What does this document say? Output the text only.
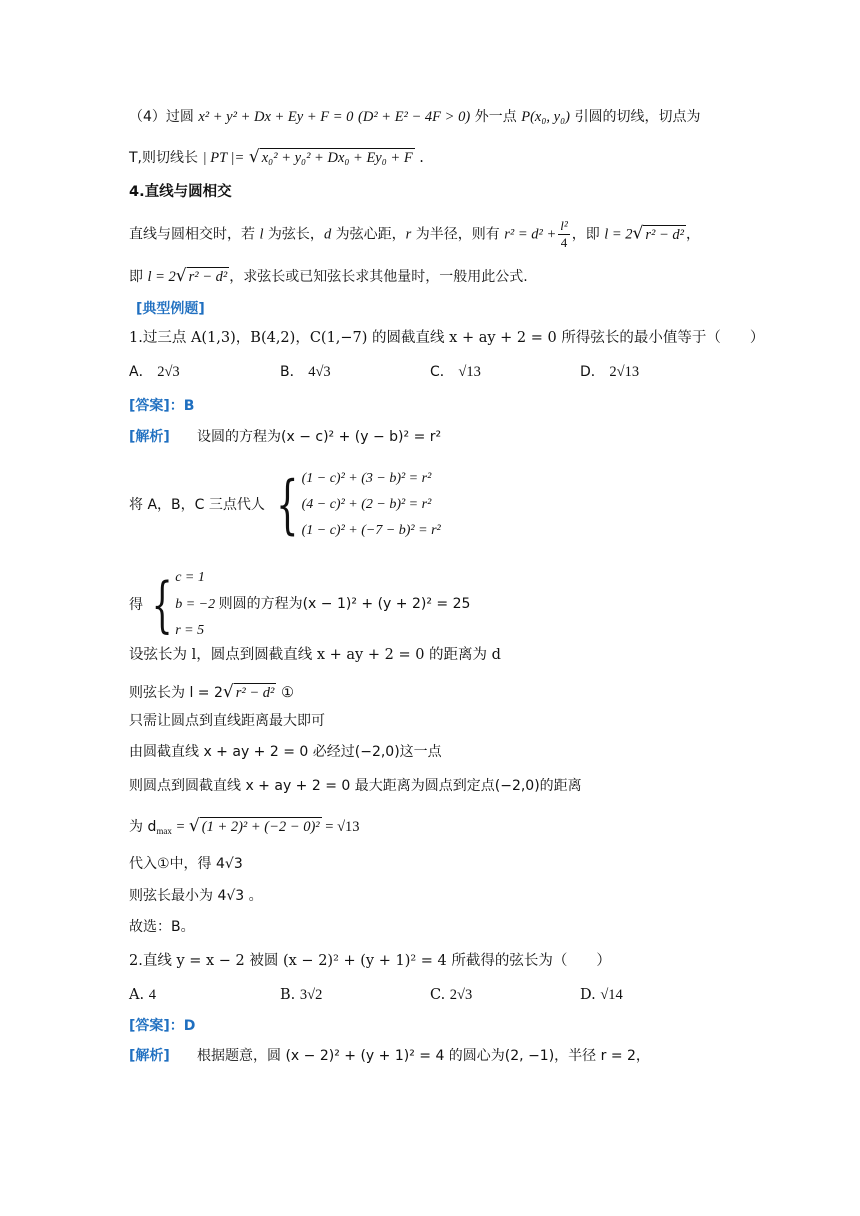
（4）过圆 x² + y² + Dx + Ey + F = 0 (D² + E² − 4F > 0) 外一点 P(x₀, y₀) 引圆的切线，切点为
T,则切线长 | PT |= √ x₀² + y₀² + Dx₀ + Ey₀ + F .
4.直线与圆相交
直线与圆相交时，若 l 为弦长，d 为弦心距，r 为半径，则有 $r^2 = d^2 + \frac{\text{l²}}{4}$ ，即 l = 2√ r² − d² ，
即 l = 2√ r² − d² ，求弦长或已知弦长求其他量时，一般用此公式.
[典型例题]
1.过三点 A(1,3)，B(4,2)，C(1,−7) 的圆截直线 x + ay + 2 = 0 所得弦长的最小值等于（　　）
A． 2√3	B． 4√3	C． √13	D． 2√13
[答案]：B
[解析] 设圆的方程为(x − c)² + (y − b)² = r²
将 A，B，C 三点代人 { (1 − c)² + (3 − b)² = r²
(4 − c)² + (2 − b)² = r²
(1 − c)² + (−7 − b)² = r²
得 { c = 1
b = −2 则圆的方程为(x − 1)² + (y + 2)² = 25
r = 5
设弦长为 l，圆点到圆截直线 x + ay + 2 = 0 的距离为 d
则弦长为 l = 2√ r² − d² ①
只需让圆点到直线距离最大即可
由圆截直线 x + ay + 2 = 0 必经过(−2,0)这一点
则圆点到圆截直线 x + ay + 2 = 0 最大距离为圆点到定点(−2,0)的距离
为 $d_{max}$ = √ (1 + 2)² + (−2 − 0)² = √13
代入①中，得 4√3
则弦长最小为 4√3 。
故选：B。
2.直线 y = x − 2 被圆 (x − 2)² + (y + 1)² = 4 所截得的弦长为（　　）
A. 4	B. 3√2	C. 2√3	D. √14
[答案]：D
[解析] 根据题意，圆 (x − 2)² + (y + 1)² = 4 的圆心为(2, −1)，半径 r = 2，
